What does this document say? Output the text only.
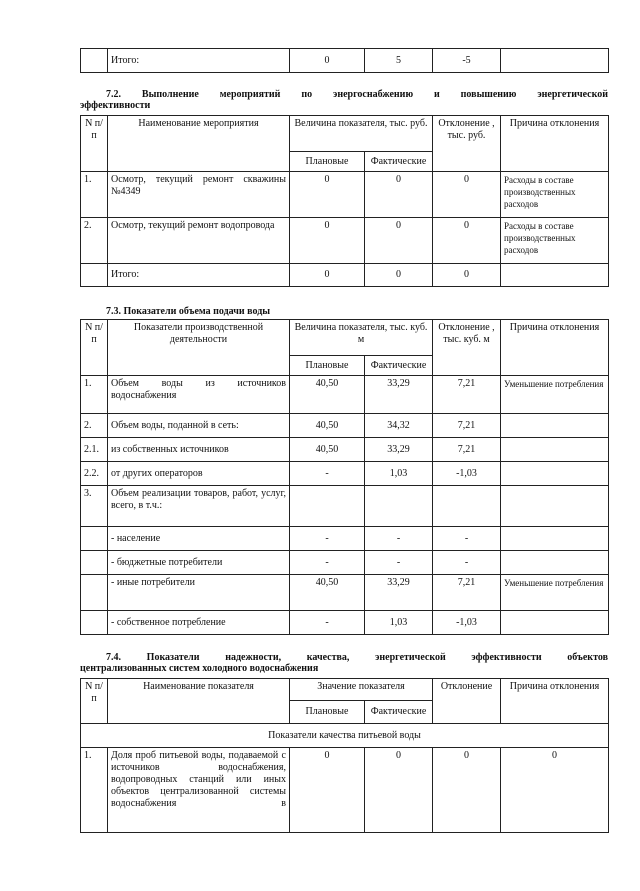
	Итого:	0	5	-5	
7.2. Выполнение мероприятий по энергоснабжению и повышению энергетической
эффективности
N п/п	Наименование мероприятия	Величина показателя, тыс. руб.		Отклонение , тыс. руб.	Причина отклонения
		Плановые	Фактические		
1.	Осмотр, текущий ремонт скважины №4349	0	0	0	Расходы в составе производственных расходов
2.	Осмотр, текущий ремонт водопровода	0	0	0	Расходы в составе производственных расходов
	Итого:	0	0	0	
7.3. Показатели объема подачи воды
N п/п	Показатели производственной деятельности	Величина показателя, тыс. куб. м		Отклонение , тыс. куб. м	Причина отклонения
		Плановые	Фактические		
1.	Объем воды из источников водоснабжения	40,50	33,29	7,21	Уменьшение потребления
2.	Объем воды, поданной в сеть:	40,50	34,32	7,21	
2.1.	из собственных источников	40,50	33,29	7,21	
2.2.	от других операторов	-	1,03	-1,03	
3.	Объем реализации товаров, работ, услуг, всего, в т.ч.:				
	- население	-	-	-	
	- бюджетные потребители	-	-	-	
	- иные потребители	40,50	33,29	7,21	Уменьшение потребления
	- собственное потребление	-	1,03	-1,03	
7.4. Показатели надежности, качества, энергетической эффективности объектов
централизованных систем холодного водоснабжения
N п/п	Наименование показателя	Значение показателя		Отклонение	Причина отклонения
		Плановые	Фактические		
Показатели качества питьевой воды					
1.	Доля проб питьевой воды, подаваемой с источников водоснабжения, водопроводных станций или иных объектов централизованной системы водоснабжения в	0	0	0	0
